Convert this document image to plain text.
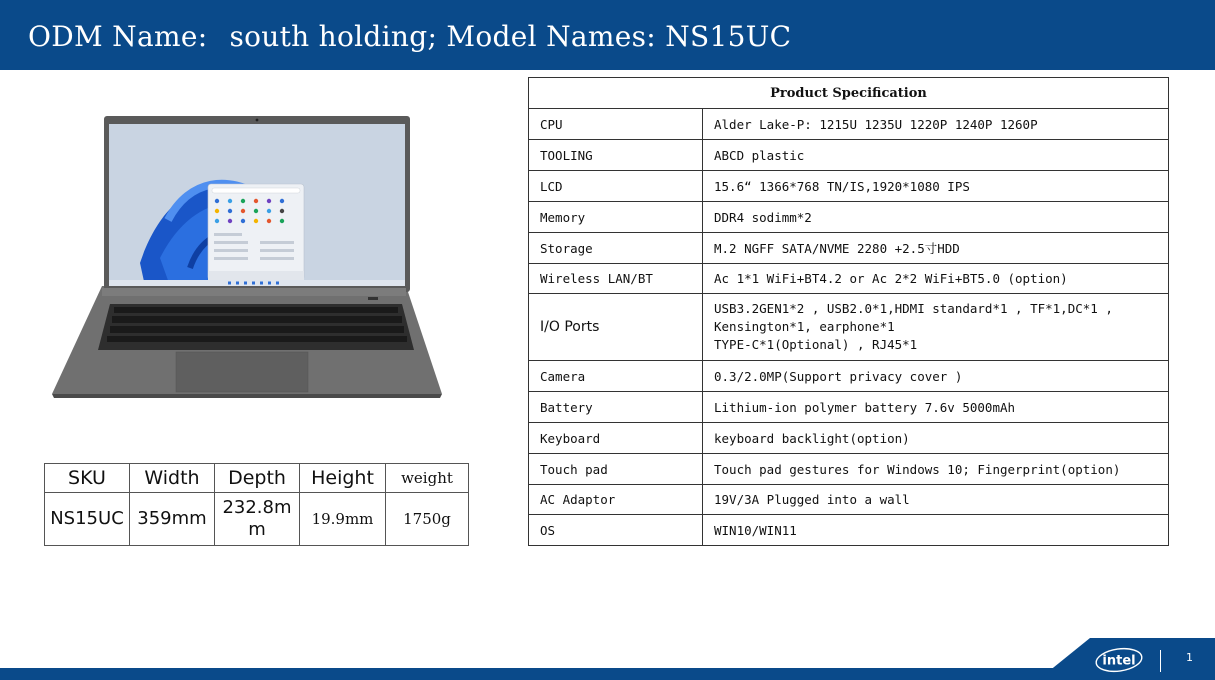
ODM Name: south holding; Model Names: NS15UC
SKU	Width	Depth	Height	weight
NS15UC	359mm	232.8mm	19.9mm	1750g
Product Specification	
CPU	Alder Lake-P: 1215U 1235U 1220P 1240P 1260P
TOOLING	ABCD plastic
LCD	15.6“ 1366*768 TN/IS,1920*1080 IPS
Memory	DDR4 sodimm*2
Storage	M.2 NGFF SATA/NVME 2280 +2.5寸HDD
Wireless LAN/BT	Ac 1*1 WiFi+BT4.2 or Ac 2*2 WiFi+BT5.0 (option)
I/O Ports	USB3.2GEN1*2 , USB2.0*1,HDMI standard*1 , TF*1,DC*1 ,
Kensington*1, earphone*1
TYPE-C*1(Optional) , RJ45*1

Camera	0.3/2.0MP(Support privacy cover )
Battery	Lithium-ion polymer battery 7.6v 5000mAh
Keyboard	keyboard backlight(option)
Touch pad	Touch pad gestures for Windows 10; Fingerprint(option)
AC Adaptor	19V/3A Plugged into a wall
OS	WIN10/WIN11
intel	1
